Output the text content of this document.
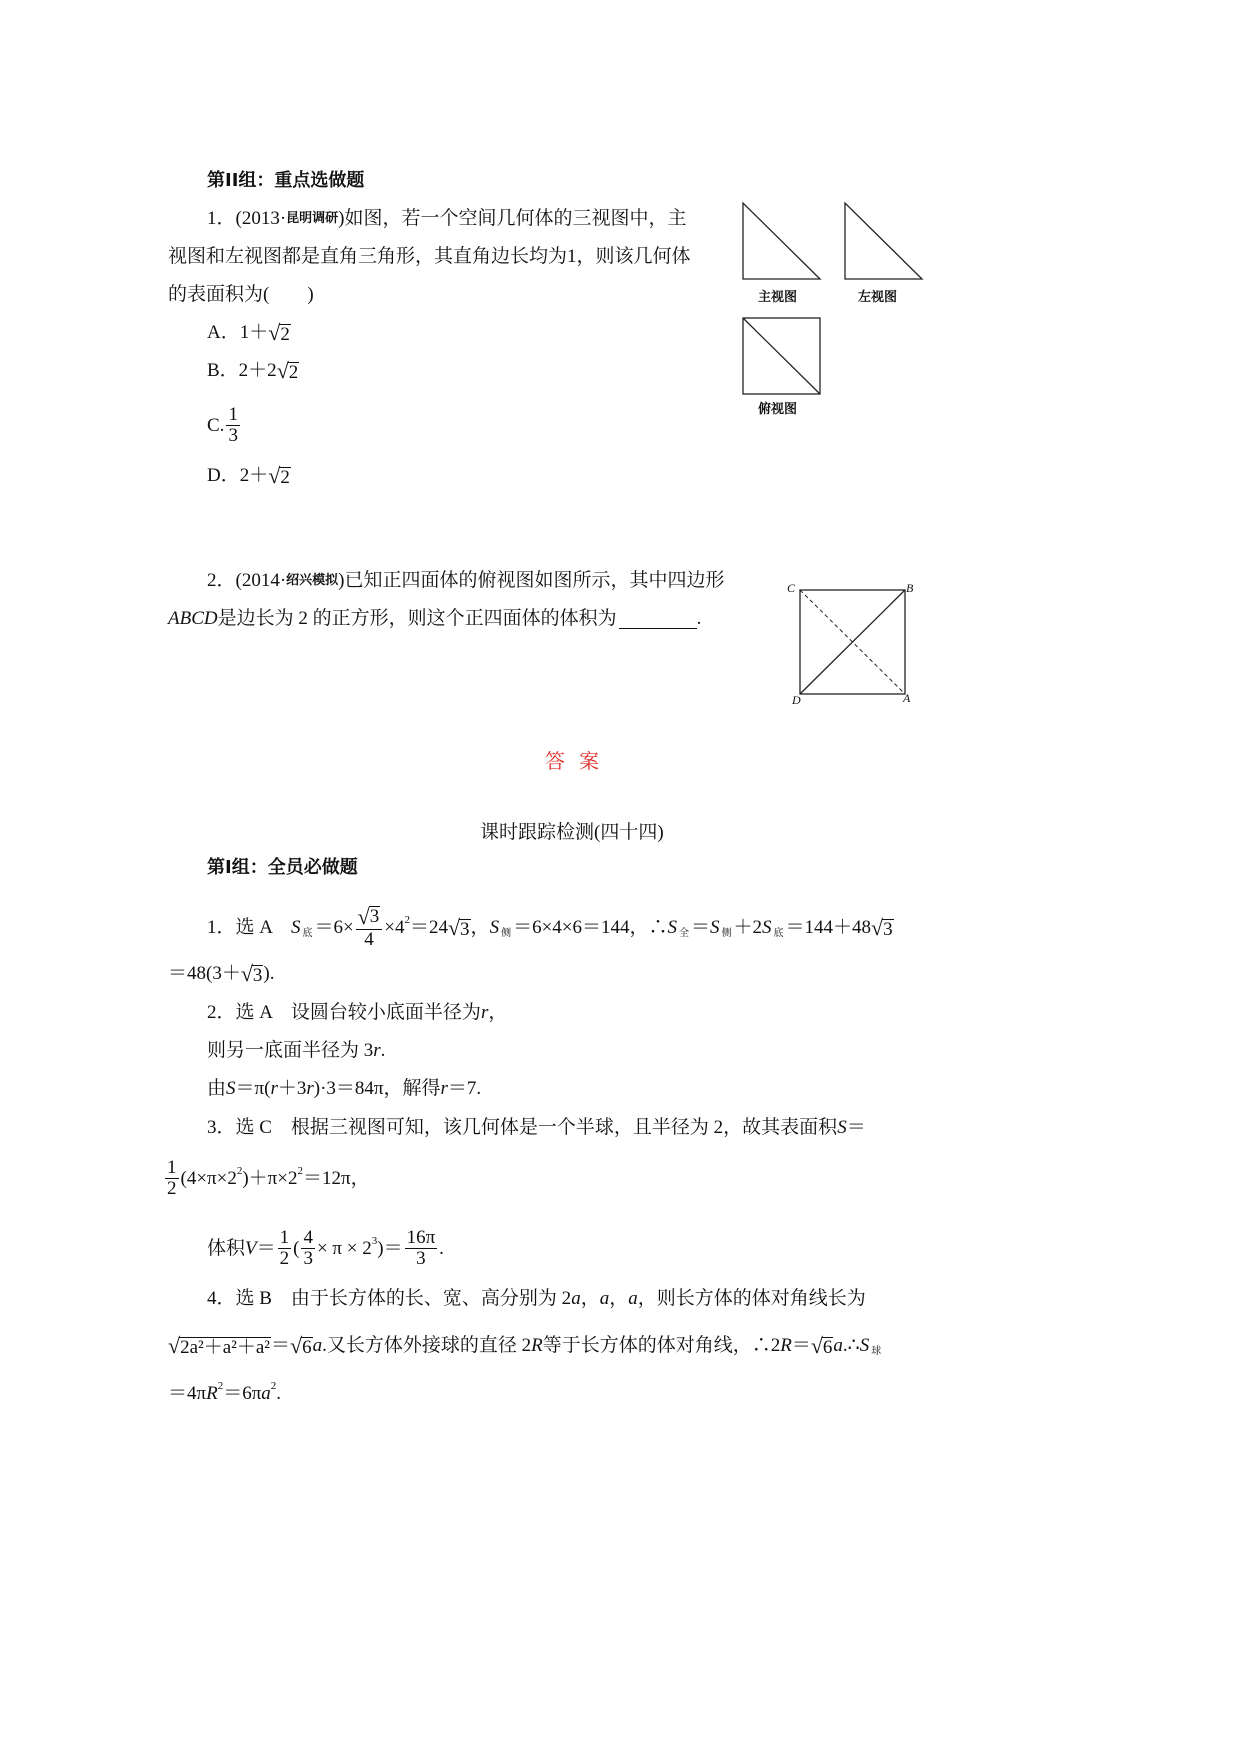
第II组：重点选做题
1．(2013· 昆明调研 )如图，若一个空间几何体的三视图中，主
视图和左视图都是直角三角形，其直角边长均为1，则该几何体
的表面积为(　　)
A．1＋ √ 2
B．2＋2 √ 2
C. $\frac{1}{3}$
D．2＋ √ 2
主视图	左视图
俯视图
2．(2014· 绍兴模拟 )已知正四面体的俯视图如图所示，其中四边形
ABCD 是边长为 2 的正方形，则这个正四面体的体积为	.
C	B
D	A
答案
课时跟踪检测(四十四)
第I组：全员必做题
1．选 A　 S 底 $=6\times \frac{√ 3}{4} \times 4$ 2 ＝24 √ 3 ， S 侧 ＝6×4×6＝144，∴ S 全 ＝ S 侧 ＋2 S 底 ＝144＋48 √ 3
＝48(3＋ √ 3 ).
2．选 A　设圆台较小底面半径为 r ，
则另一底面半径为 3 r .
由 S ＝π( r ＋3 r )·3＝84π，解得 r ＝7.
3．选 C　根据三视图可知，该几何体是一个半球，且半径为 2，故其表面积 S ＝
$\frac{1}{2} (4\times\pi\times 2$ 2 )＋π×2 2 ＝12π，
体积 $V = \frac{1}{2}$ ( $\frac{4}{3} \times \pi \times 2$ 3 )＝ $\frac{16\pi}{3}$ .
4．选 B　由于长方体的长、宽、高分别为 2 a ， a ， a ，则长方体的体对角线长为
√ 2a²＋a²＋a² ＝ √ 6 a .又长方体外接球的直径 2 R 等于长方体的体对角线，∴2 R ＝ √ 6 a .∴ S 球
＝4π R 2 ＝6π a 2 .
